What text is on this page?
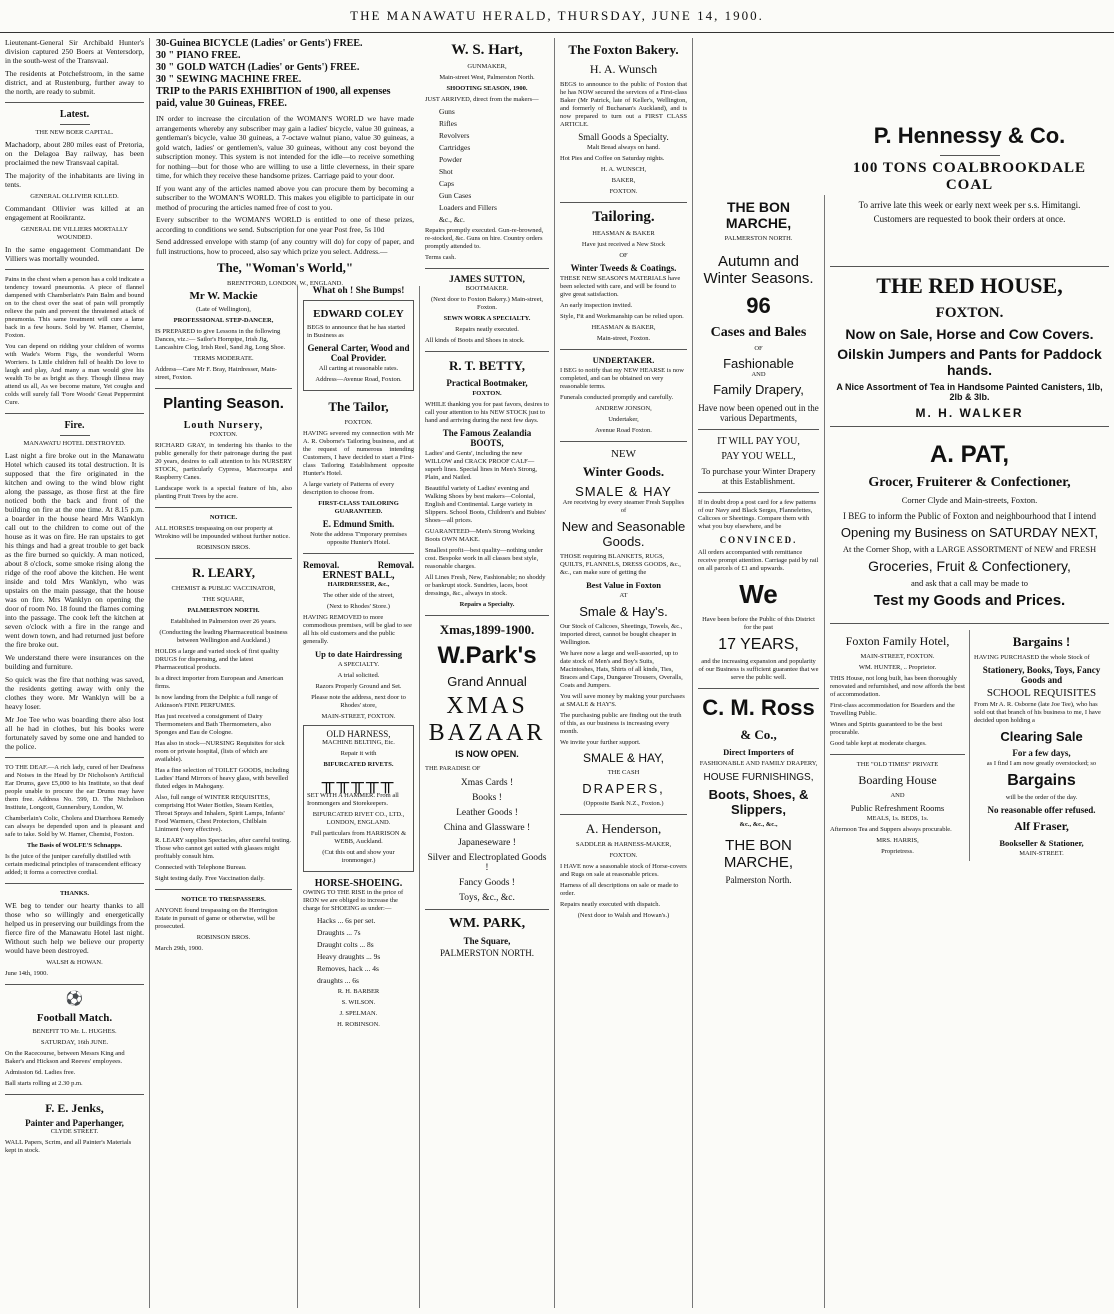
THE MANAWATU HERALD, THURSDAY, JUNE 14, 1900.

Lieutenant-General Sir Archibald Hunter's division captured 250 Boers at Ventersdorp, in the south-west of the Transvaal.

The residents at Potchefstroom, in the same district, and at Rustenburg, further away to the north, are ready to submit.

Latest.

THE NEW BOER CAPITAL.

Machadorp, about 280 miles east of Pretoria, on the Delagoa Bay railway, has been proclaimed the new Transvaal capital.

The majority of the inhabitants are living in tents.

GENERAL OLLIVIER KILLED.

Commandant Ollivier was killed at an engagement at Rooikrantz.

GENERAL DE VILLIERS MORTALLY WOUNDED.

In the same engagement Commandant De Villiers was mortally wounded.

Pains in the chest when a person has a cold indicate a tendency toward pneumonia. A piece of flannel dampened with Chamberlain's Pain Balm and bound on to the chest over the seat of pain will promptly relieve the pain and prevent the threatened attack of pneumonia. This same treatment will cure a lame back in a few hours. Sold by W. Hamer, Chemist, Foxton.

You can depend on ridding your children of worms with Wade's Worm Figs, the wonderful Worm Worriers. Is Little children full of health Do love to laugh and play, And many a man would give his wealth To be as bright as they. Though illness may attend us all, As we become mature, Yet coughs and colds will surely fall 'Fore Woods' Great Peppermint Cure.

Fire.

MANAWATU HOTEL DESTROYED.

Last night a fire broke out in the Manawatu Hotel which caused its total destruction. It is supposed that the fire originated in the kitchen and owing to the wind blow right along the passage, as those first at the fire noticed both the back and front of the building on fire at the one time. At 8.15 p.m. a boarder in the house heard Mrs Wanklyn call out to the children to come out of the house as it was on fire. He ran upstairs to get his things and had a great trouble to get back as the fire burned so quickly. A man noticed, about 8 o'clock, some smoke rising along the ridge of the roof above the kitchen. He went inside and told Mrs Wanklyn, who was upstairs on the main passage, that the house was on fire. Mrs Wanklyn on opening the door of room No. 18 found the flames coming into the passage. The cook left the kitchen at seven o'clock with a fire in the range and went down town, and had returned just before the fire broke out.

We understand there were insurances on the building and furniture.

So quick was the fire that nothing was saved, the residents getting away with only the clothes they wore. Mr Wanklyn will be a heavy loser.

Mr Joe Tee who was boarding there also lost all he had in clothes, but his books were fortunately saved by some one and handed to the police.

TO THE DEAF.—A rich lady, cured of her Deafness and Noises in the Head by Dr Nicholson's Artificial Ear Drums, gave £5,000 to his Institute, so that deaf people unable to procure the ear Drums may have them free. Address No. 599, D. The Nicholson Institute, Longcott, Gunnersbury, London, W.

Chamberlain's Colic, Cholera and Diarrhoea Remedy can always be depended upon and is pleasant and safe to take. Sold by W. Hamer, Chemist, Foxton.

The Basis of WOLFE'S Schnapps.

Is the juice of the juniper carefully distilled with certain medicinal principles of transcendent efficacy added; it forms a corrective cordial.

THANKS.

WE beg to tender our hearty thanks to all those who so willingly and energetically helped us in preserving our buildings from the fierce fire of the Manawatu Hotel last night. Without such help we believe our property would have been destroyed.

WALSH & HOWAN.

June 14th, 1900.

⚽
Football Match.

BENEFIT TO Mr. L. HUGHES.

SATURDAY, 16th JUNE.

On the Racecourse, between Messrs King and Baker's and Hickson and Reeves' employees.

Admission 6d. Ladies free.

Ball starts rolling at 2.30 p.m.

F. E. Jenks,
Painter and Paperhanger,

CLYDE STREET.

WALL Papers, Scrim, and all Painter's Materials kept in stock.

30-Guinea BICYCLE (Ladies' or Gents') FREE.

30 " PIANO FREE.

30 " GOLD WATCH (Ladies' or Gents') FREE.

30 " SEWING MACHINE FREE.

TRIP to the PARIS EXHIBITION of 1900, all expenses paid, value 30 Guineas, FREE.

IN order to increase the circulation of the WOMAN'S WORLD we have made arrangements whereby any subscriber may gain a ladies' bicycle, value 30 guineas, a gentleman's bicycle, value 30 guineas, a 7-octave walnut piano, value 30 guineas, a gold watch, ladies' or gentlemen's, value 30 guineas, without any cost beyond the subscription money. This system is not intended for the idle—to receive something for nothing—but for those who are willing to use a little cleverness, in their spare time, for which they receive these handsome prizes. Carriage paid to your door.

If you want any of the articles named above you can procure them by becoming a subscriber to the WOMAN'S WORLD. This makes you eligible to participate in our method of procuring the articles named free of cost to you.

Every subscriber to the WOMAN'S WORLD is entitled to one of these prizes, according to conditions we send. Subscription for one year Post free, 5s 10d

Send addressed envelope with stamp (of any country will do) for copy of paper, and full instructions, how to proceed, also say which prize you select. Address.—

The, "Woman's World,"

BRENTFORD, LONDON, W., ENGLAND.

Mr W. Mackie

(Late of Wellington),

PROFESSIONAL STEP-DANCER,

IS PREPARED to give Lessons in the following Dances, viz.:— Sailor's Hornpipe, Irish Jig, Lancashire Clog, Irish Reel, Sand Jig, Long Shoe.

TERMS MODERATE.

Address—Care Mr F. Bray, Hairdresser, Main-street, Foxton.

Planting Season.
Louth Nursery,

FOXTON.

RICHARD GRAY, in tendering his thanks to the public generally for their patronage during the past 20 years, desires to call attention to his NURSERY STOCK, particularly Cypress, Macrocarpa and Raspberry Canes.

Landscape work is a special feature of his, also planting Fruit Trees by the acre.

NOTICE.

ALL HORSES trespassing on our property at Wirokino will be impounded without further notice.

ROBINSON BROS.

R. LEARY,

CHEMIST & PUBLIC VACCINATOR,

THE SQUARE,

PALMERSTON NORTH.

Established in Palmerston over 26 years.

(Conducting the leading Pharmaceutical business between Wellington and Auckland.)

HOLDS a large and varied stock of first quality DRUGS for dispensing, and the latest Pharmaceutical products.

Is a direct importer from European and American firms.

Is now landing from the Delphic a full range of Atkinson's FINE PERFUMES.

Has just received a consignment of Dairy Thermometers and Bath Thermometers, also Sponges and Eau de Cologne.

Has also in stock—NURSING Requisites for sick room or private hospital, (lists of which are available).

Has a fine selection of TOILET GOODS, including Ladies' Hand Mirrors of heavy glass, with bevelled fluted edges in Mahogany.

Also, full range of WINTER REQUISITES, comprising Hot Water Bottles, Steam Kettles, Throat Sprays and Inhalers, Spirit Lamps, Infants' Food Warmers, Chest Protectors, Chilblain Liniment (very effective).

R. LEARY supplies Spectacles, after careful testing. Those who cannot get suited with glasses might profitably consult him.

Connected with Telephone Bureau.

Sight testing daily. Free Vaccination daily.

NOTICE TO TRESPASSERS.

ANYONE found trespassing on the Herrington Estate in pursuit of game or otherwise, will be prosecuted.

ROBINSON BROS.

March 29th, 1900.

What oh ! She Bumps!
EDWARD COLEY

BEGS to announce that he has started in Business as

General Carter, Wood and Coal Provider.

All carting at reasonable rates.

Address—Avenue Road, Foxton.

The Tailor,

FOXTON.

HAVING severed my connection with Mr A. R. Osborne's Tailoring business, and at the request of numerous intending Customers, I have decided to start a First-class Tailoring Establishment opposite Hunter's Hotel.

A large variety of Patterns of every description to choose from.

FIRST-CLASS TAILORING GUARANTEED.

E. Edmund Smith.

Note the address T'mporary premises opposite Hunter's Hotel.

Removal.	Removal.
ERNEST BALL,

HAIRDRESSER, &c.,

The other side of the street,

(Next to Rhodes' Store.)

HAVING REMOVED to more commodious premises, will be glad to see all his old customers and the public generally.

Up to date Hairdressing

A SPECIALTY.

A trial solicited.

Razors Properly Ground and Set.

Please note the address, next door to Rhodes' store,

MAIN-STREET, FOXTON.

OLD HARNESS,

MACHINE BELTING, Etc.

Repair it with

BIFURCATED RIVETS.

╥╥╥╥╥

SET WITH A HAMMER. From all Ironmongers and Storekeepers.

BIFURCATED RIVET CO., LTD., LONDON, ENGLAND.

Full particulars from HARRISON & WEBB, Auckland.

(Cut this out and show your ironmonger.)

HORSE-SHOEING.

OWING TO THE RISE in the price of IRON we are obliged to increase the charge for SHOEING as under:—

Hacks ... 6s per set.

Draughts ... 7s

Draught colts ... 8s

Heavy draughts ... 9s

Removes, hack ... 4s

draughts ... 6s

R. H. BARBER

S. WILSON.

J. SPELMAN.

H. ROBINSON.

W. S. Hart,

GUNMAKER,

Main-street West, Palmerston North.

SHOOTING SEASON, 1900.

JUST ARRIVED, direct from the makers—

Guns

Rifles

Revolvers

Cartridges

Powder

Shot

Caps

Gun Cases

Loaders and Fillers

&c., &c.

Repairs promptly executed. Gun-re-browned, re-stocked, &c. Guns on hire. Country orders promptly attended to.

Terms cash.

JAMES SUTTON,

BOOTMAKER.

(Next door to Foxton Bakery.) Main-street, Foxton.

SEWN WORK A SPECIALTY.

Repairs neatly executed.

All kinds of Boots and Shoes in stock.

R. T. BETTY,

Practical Bootmaker,

FOXTON.

WHILE thanking you for past favors, desires to call your attention to his NEW STOCK just to hand and arriving during the next few days.

The Famous Zealandia BOOTS,

Ladies' and Gents', including the new WILLOW and CRACK PROOF CALF—superb lines. Special lines in Men's Strong, Plain, and Nailed.

Beautiful variety of Ladies' evening and Walking Shoes by best makers—Colonial, English and Continental. Large variety in Slippers. School Boots, Children's and Bubies' Shoes—all prices.

GUARANTEED—Men's Strong Working Boots OWN MAKE.

Smallest profit—best quality—nothing under cost. Bespoke work in all classes best style, reasonable charges.

All Lines Fresh, New, Fashionable; no shoddy or bankrupt stock. Sundries, laces, boot dressings, &c., always in stock.

Repairs a Specialty.

Xmas,1899-1900.
W.Park's
Grand Annual
XMAS
BAZAAR

IS NOW OPEN.

THE PARADISE OF

Xmas Cards !

Books !

Leather Goods !

China and Glassware !

Japaneseware !

Silver and Electroplated Goods !

Fancy Goods !

Toys, &c., &c.

WM. PARK,

The Square,

PALMERSTON NORTH.

The Foxton Bakery.
H. A. Wunsch

BEGS to announce to the public of Foxton that he has NOW secured the services of a First-class Baker (Mr Patrick, late of Keller's, Wellington, and formerly of Buchanan's Auckland), and is now prepared to turn out a FIRST CLASS ARTICLE.

Small Goods a Specialty.

Malt Bread always on hand.

Hot Pies and Coffee on Saturday nights.

H. A. WUNSCH,

BAKER,

FOXTON.

Tailoring.

HEASMAN & BAKER

Have just received a New Stock

OF

Winter Tweeds & Coatings.

THESE NEW SEASON'S MATERIALS have been selected with care, and will be found to give great satisfaction.

An early inspection invited.

Style, Fit and Workmanship can be relied upon.

HEASMAN & BAKER,

Main-street, Foxton.

UNDERTAKER.

I BEG to notify that my NEW HEARSE is now completed, and can be obtained on very reasonable terms.

Funerals conducted promptly and carefully.

ANDREW JONSON,

Undertaker,

Avenue Road Foxton.

NEW
Winter Goods.
SMALE & HAY

Are receiving by every steamer Fresh Supplies of

New and Seasonable Goods.

THOSE requiring BLANKETS, RUGS, QUILTS, FLANNELS, DRESS GOODS, &c., &c., can make sure of getting the

Best Value in Foxton

AT

Smale & Hay's.

Our Stock of Calicoes, Sheetings, Towels, &c., imported direct, cannot be bought cheaper in Wellington.

We have now a large and well-assorted, up to date stock of Men's and Boy's Suits, Macintoshes, Hats, Shirts of all kinds, Ties, Braces and Caps, Dungaree Trousers, Overalls, Coats and Jumpers.

You will save money by making your purchases at SMALE & HAY'S.

The purchasing public are finding out the truth of this, as our business is increasing every month.

We invite your further support.

SMALE & HAY,

THE CASH

DRAPERS,

(Opposite Bank N.Z., Foxton.)

A. Henderson,

SADDLER & HARNESS-MAKER,

FOXTON.

I HAVE now a seasonable stock of Horse-covers and Rugs on sale at reasonable prices.

Harness of all descriptions on sale or made to order.

Repairs neatly executed with dispatch.

(Next door to Walsh and Howan's.)

THE BON MARCHE,

PALMERSTON NORTH.

Autumn and Winter Seasons.
96
Cases and Bales

OF

Fashionable

AND

Family Drapery,

Have now been opened out in the various Departments,

IT WILL PAY YOU,

PAY YOU WELL,

To purchase your Winter Drapery at this Establishment.

If in doubt drop a post card for a few patterns of our Navy and Black Serges, Flannelettes, Calicoes or Sheetings. Compare them with what you buy elsewhere, and be

CONVINCED.

All orders accompanied with remittance receive prompt attention. Carriage paid by rail on all parcels of £1 and upwards.

We

Have been before the Public of this District for the past

17 YEARS,

and the increasing expansion and popularity of our Business is sufficient guarantee that we serve the public well.

C. M. Ross
& Co.,

Direct Importers of

FASHIONABLE AND FAMILY DRAPERY,

HOUSE FURNISHINGS,

Boots, Shoes, & Slippers,

&c., &c., &c.,

THE BON MARCHE,

Palmerston North.

P. Hennessy & Co.
100 TONS COALBROOKDALE COAL

To arrive late this week or early next week per s.s. Himitangi. Customers are requested to book their orders at once.

THE RED HOUSE,
FOXTON.
Now on Sale, Horse and Cow Covers.
Oilskin Jumpers and Pants for Paddock hands.

A Nice Assortment of Tea in Handsome Painted Canisters, 1lb, 2lb & 3lb.

M. H. WALKER
A. PAT,
Grocer, Fruiterer & Confectioner,

Corner Clyde and Main-streets, Foxton.

I BEG to inform the Public of Foxton and neighbourhood that I intend

Opening my Business on SATURDAY NEXT,

At the Corner Shop, with a LARGE ASSORTMENT of NEW and FRESH

Groceries, Fruit & Confectionery,

and ask that a call may be made to

Test my Goods and Prices.
Foxton Family Hotel,

MAIN-STREET, FOXTON.

WM. HUNTER, .. Proprietor.

THIS House, not long built, has been thoroughly renovated and refurnished, and now affords the best of accommodation.

First-class accommodation for Boarders and the Travelling Public.

Wines and Spirits guaranteed to be the best procurable.

Good table kept at moderate charges.

THE "OLD TIMES" PRIVATE

Boarding House

AND

Public Refreshment Rooms

MEALS, 1s. BEDS, 1s.

Afternoon Tea and Suppers always procurable.

MRS. HARRIS,

Proprietress.

Bargains !

HAVING PURCHASED the whole Stock of

Stationery, Books, Toys, Fancy Goods and

SCHOOL REQUISITES

From Mr A. R. Osborne (late Joe Tee), who has sold out that branch of his business to me, I have decided upon holding a

Clearing Sale

For a few days,

as I find I am now greatly overstocked; so

Bargains

will be the order of the day.

No reasonable offer refused.

Alf Fraser,

Bookseller & Stationer,

MAIN-STREET.
